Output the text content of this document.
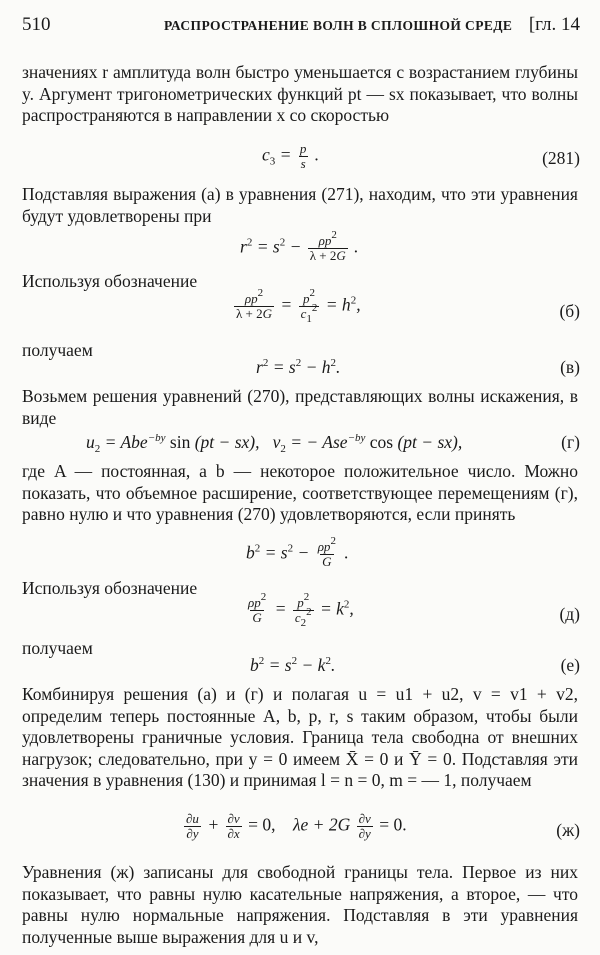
510	РАСПРОСТРАНЕНИЕ ВОЛН В СПЛОШНОЙ СРЕДЕ [гл. 14
значениях r амплитуда волн быстро уменьшается с возрастанием глубины y. Аргумент тригонометрических функций pt — sx показывает, что волны распространяются в направлении x со скоростью
$c_3 = \frac{p}{s}$ .	(281)
Подставляя выражения (а) в уравнения (271), находим, что эти уравнения будут удовлетворены при
$r^2 = s^2 - \frac{\rho p^2}{\lambda + 2G}$ .
Используя обозначение
$\frac{\rho p^2}{\lambda + 2G} = \frac{p^2}{c_1^2} = h^2$,	(б)
получаем
$r^2 = s^2 - h^2$.	(в)
Возьмем решения уравнений (270), представляющих волны искажения, в виде
$u_2 = Abe^{-by}$ sin (pt − sx),   $v_2$ = − Ase$^{-by}$ cos (pt − sx),	(г)
где A — постоянная, а b — некоторое положительное число. Можно показать, что объемное расширение, соответствующее перемещениям (г), равно нулю и что уравнения (270) удовлетворяются, если принять
$b^2 = s^2 - \frac{\rho p^2}{G}$ .
Используя обозначение
$\frac{\rho p^2}{G} = \frac{p^2}{c_2^2} = k^2$,	(д)
получаем
$b^2 = s^2 - k^2$.	(е)
Комбинируя решения (а) и (г) и полагая u = u1 + u2, v = v1 + v2, определим теперь постоянные A, b, p, r, s таким образом, чтобы были удовлетворены граничные условия. Граница тела свободна от внешних нагрузок; следовательно, при y = 0 имеем X̄ = 0 и Ȳ = 0. Подставляя эти значения в уравнения (130) и принимая l = n = 0, m = — 1, получаем
$\frac{\partial u}{\partial y} + \frac{\partial v}{\partial x} = 0$,    $\lambda e + 2G \frac{\partial v}{\partial y} = 0$.	(ж)
Уравнения (ж) записаны для свободной границы тела. Первое из них показывает, что равны нулю касательные напряжения, а второе, — что равны нулю нормальные напряжения. Подставляя в эти уравнения полученные выше выражения для u и v,
